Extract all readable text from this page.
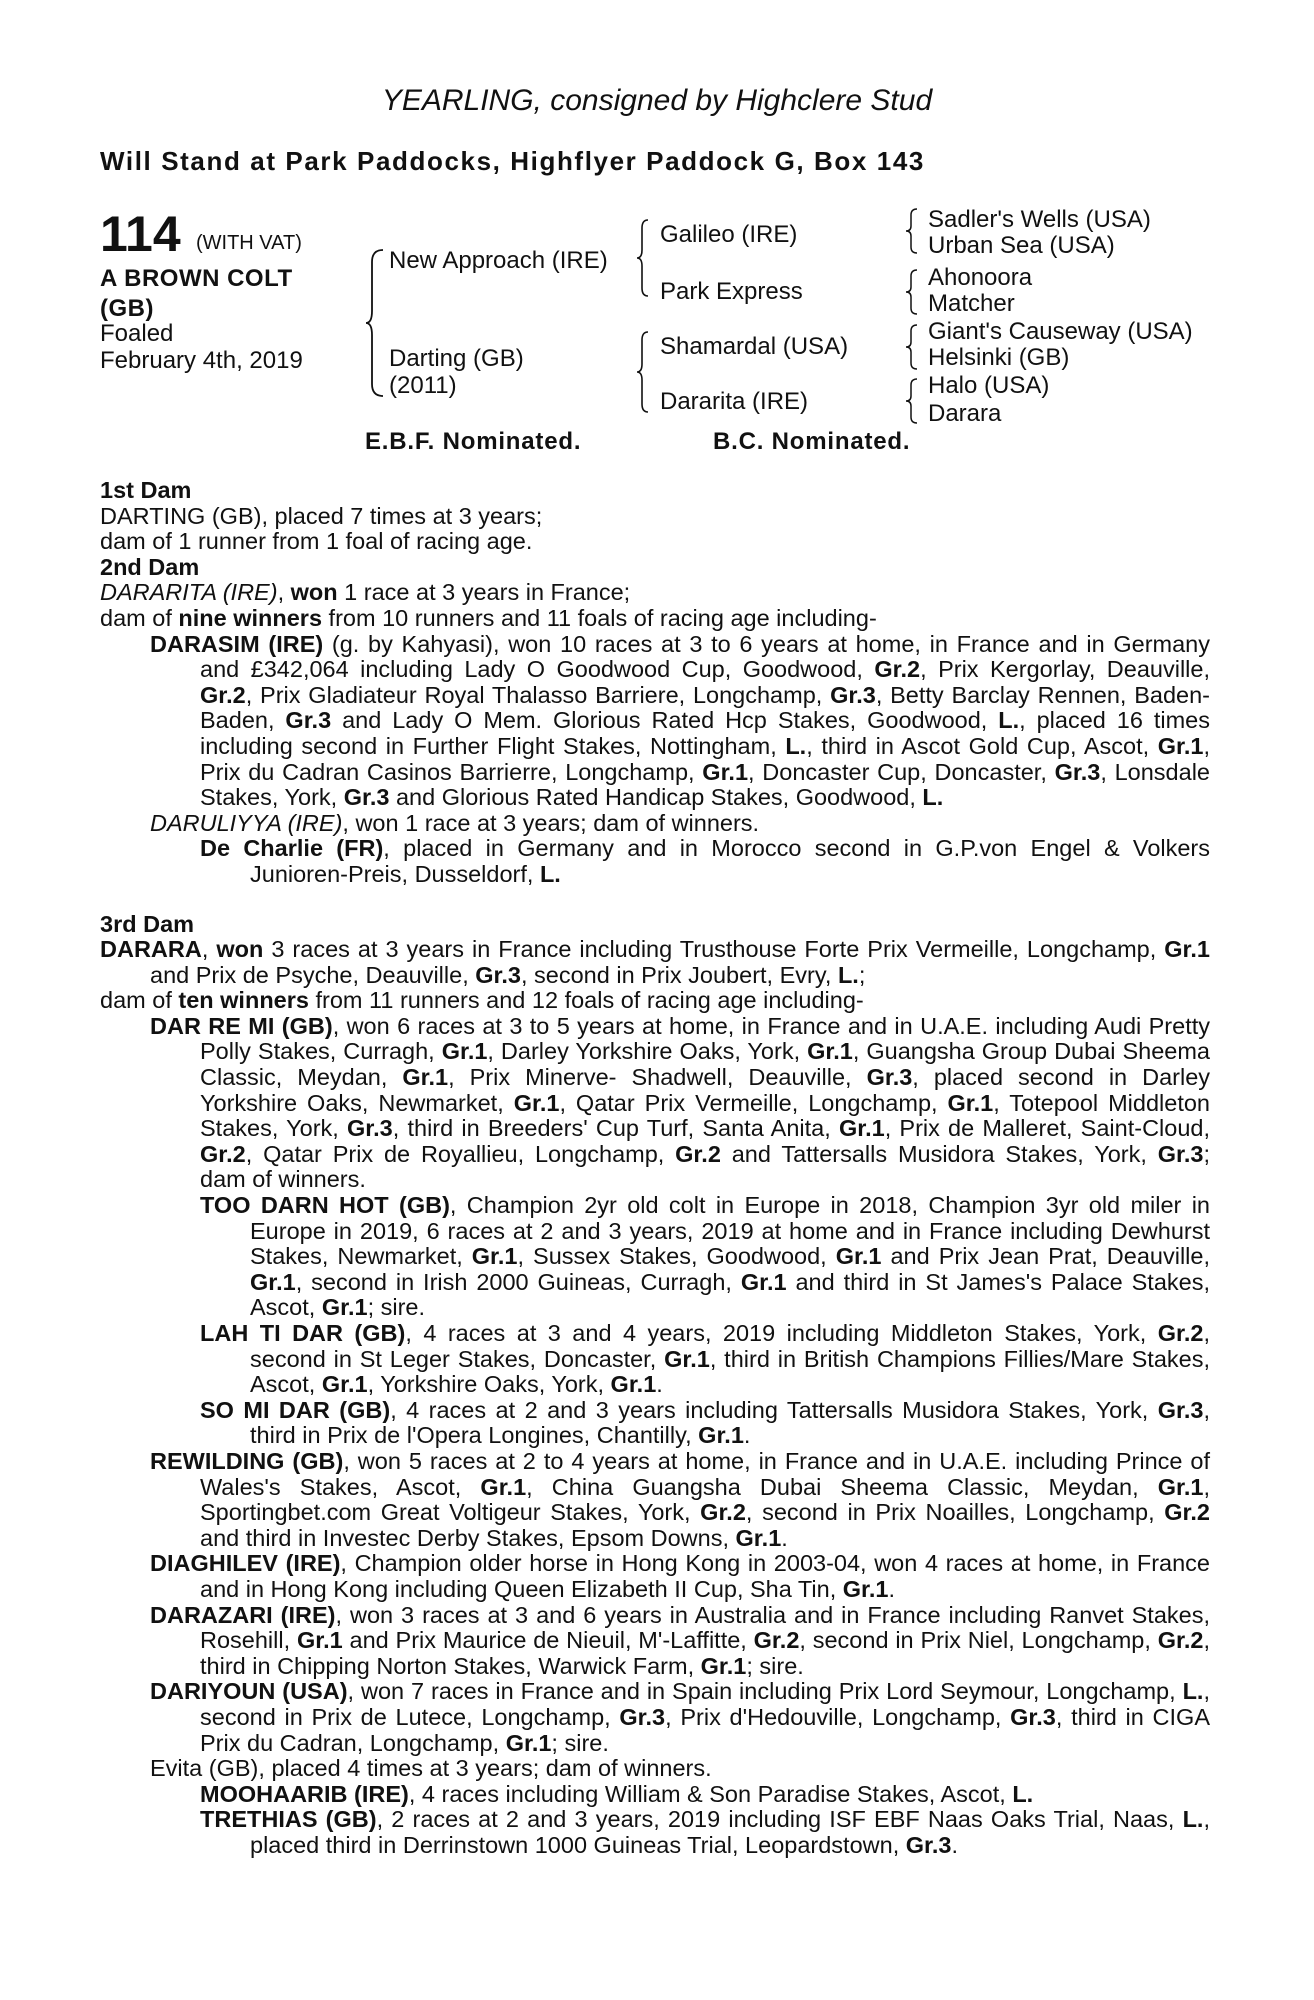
YEARLING, consigned by Highclere Stud
Will Stand at Park Paddocks, Highflyer Paddock G, Box 143
114 (WITH VAT)
A BROWN COLT
(GB)
Foaled
February 4th, 2019
New Approach (IRE)
Darting (GB)
(2011)
Galileo (IRE)
Park Express
Shamardal (USA)
Dararita (IRE)
Sadler's Wells (USA)
Urban Sea (USA)
Ahonoora
Matcher
Giant's Causeway (USA)
Helsinki (GB)
Halo (USA)
Darara
E.B.F. Nominated.	B.C. Nominated.
1st Dam
DARTING (GB), placed 7 times at 3 years;
dam of 1 runner from 1 foal of racing age.
2nd Dam
DARARITA (IRE), won 1 race at 3 years in France;
dam of nine winners from 10 runners and 11 foals of racing age including-
DARASIM (IRE) (g. by Kahyasi), won 10 races at 3 to 6 years at home, in France and in Germany and £342,064 including Lady O Goodwood Cup, Goodwood, Gr.2, Prix Kergorlay, Deauville, Gr.2, Prix Gladiateur Royal Thalasso Barriere, Longchamp, Gr.3, Betty Barclay Rennen, Baden-Baden, Gr.3 and Lady O Mem. Glorious Rated Hcp Stakes, Goodwood, L., placed 16 times including second in Further Flight Stakes, Nottingham, L., third in Ascot Gold Cup, Ascot, Gr.1, Prix du Cadran Casinos Barrierre, Longchamp, Gr.1, Doncaster Cup, Doncaster, Gr.3, Lonsdale Stakes, York, Gr.3 and Glorious Rated Handicap Stakes, Goodwood, L.
DARULIYYA (IRE), won 1 race at 3 years; dam of winners.
De Charlie (FR), placed in Germany and in Morocco second in G.P.von Engel & Volkers Junioren-Preis, Dusseldorf, L.
3rd Dam
DARARA, won 3 races at 3 years in France including Trusthouse Forte Prix Vermeille, Longchamp, Gr.1 and Prix de Psyche, Deauville, Gr.3, second in Prix Joubert, Evry, L.;
dam of ten winners from 11 runners and 12 foals of racing age including-
DAR RE MI (GB), won 6 races at 3 to 5 years at home, in France and in U.A.E. including Audi Pretty Polly Stakes, Curragh, Gr.1, Darley Yorkshire Oaks, York, Gr.1, Guangsha Group Dubai Sheema Classic, Meydan, Gr.1, Prix Minerve- Shadwell, Deauville, Gr.3, placed second in Darley Yorkshire Oaks, Newmarket, Gr.1, Qatar Prix Vermeille, Longchamp, Gr.1, Totepool Middleton Stakes, York, Gr.3, third in Breeders' Cup Turf, Santa Anita, Gr.1, Prix de Malleret, Saint-Cloud, Gr.2, Qatar Prix de Royallieu, Longchamp, Gr.2 and Tattersalls Musidora Stakes, York, Gr.3; dam of winners.
TOO DARN HOT (GB), Champion 2yr old colt in Europe in 2018, Champion 3yr old miler in Europe in 2019, 6 races at 2 and 3 years, 2019 at home and in France including Dewhurst Stakes, Newmarket, Gr.1, Sussex Stakes, Goodwood, Gr.1 and Prix Jean Prat, Deauville, Gr.1, second in Irish 2000 Guineas, Curragh, Gr.1 and third in St James's Palace Stakes, Ascot, Gr.1; sire.
LAH TI DAR (GB), 4 races at 3 and 4 years, 2019 including Middleton Stakes, York, Gr.2, second in St Leger Stakes, Doncaster, Gr.1, third in British Champions Fillies/Mare Stakes, Ascot, Gr.1, Yorkshire Oaks, York, Gr.1.
SO MI DAR (GB), 4 races at 2 and 3 years including Tattersalls Musidora Stakes, York, Gr.3, third in Prix de l'Opera Longines, Chantilly, Gr.1.
REWILDING (GB), won 5 races at 2 to 4 years at home, in France and in U.A.E. including Prince of Wales's Stakes, Ascot, Gr.1, China Guangsha Dubai Sheema Classic, Meydan, Gr.1, Sportingbet.com Great Voltigeur Stakes, York, Gr.2, second in Prix Noailles, Longchamp, Gr.2 and third in Investec Derby Stakes, Epsom Downs, Gr.1.
DIAGHILEV (IRE), Champion older horse in Hong Kong in 2003-04, won 4 races at home, in France and in Hong Kong including Queen Elizabeth II Cup, Sha Tin, Gr.1.
DARAZARI (IRE), won 3 races at 3 and 6 years in Australia and in France including Ranvet Stakes, Rosehill, Gr.1 and Prix Maurice de Nieuil, M'-Laffitte, Gr.2, second in Prix Niel, Longchamp, Gr.2, third in Chipping Norton Stakes, Warwick Farm, Gr.1; sire.
DARIYOUN (USA), won 7 races in France and in Spain including Prix Lord Seymour, Longchamp, L., second in Prix de Lutece, Longchamp, Gr.3, Prix d'Hedouville, Longchamp, Gr.3, third in CIGA Prix du Cadran, Longchamp, Gr.1; sire.
Evita (GB), placed 4 times at 3 years; dam of winners.
MOOHAARIB (IRE), 4 races including William & Son Paradise Stakes, Ascot, L.
TRETHIAS (GB), 2 races at 2 and 3 years, 2019 including ISF EBF Naas Oaks Trial, Naas, L., placed third in Derrinstown 1000 Guineas Trial, Leopardstown, Gr.3.
